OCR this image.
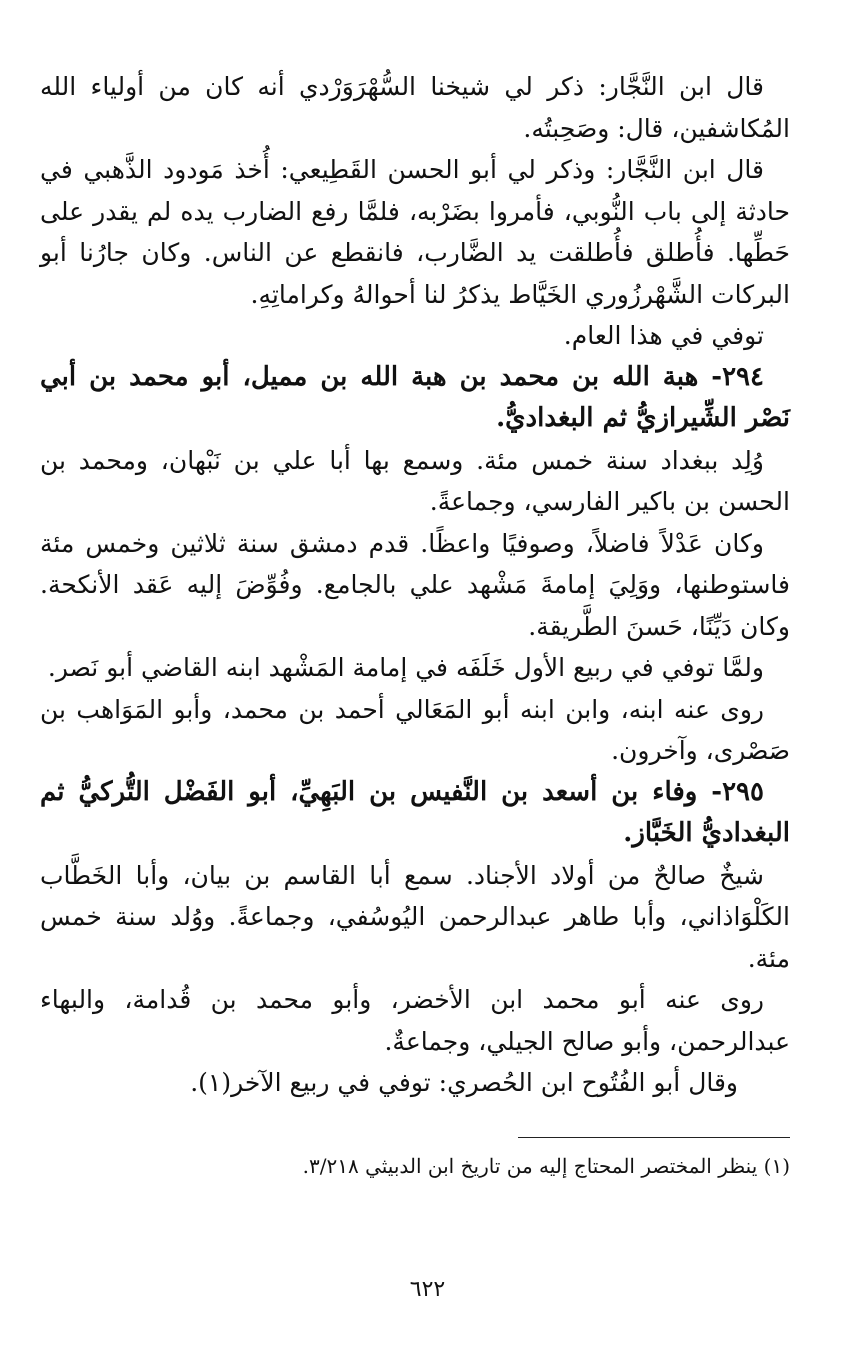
قال ابن النَّجَّار: ذكر لي شيخنا السُّهْرَوَرْدي أنه كان من أولياء الله المُكاشفين، قال: وصَحِبتُه.

قال ابن النَّجَّار: وذكر لي أبو الحسن القَطِيعي: أُخذ مَودود الذَّهبي في حادثة إلى باب النُّوبي، فأمروا بضَرْبه، فلمَّا رفع الضارب يده لم يقدر على حَطِّها. فأُطلق فأُطلقت يد الضَّارب، فانقطع عن الناس. وكان جارُنا أبو البركات الشَّهْرزُوري الخَيَّاط يذكرُ لنا أحوالهُ وكراماتِهِ.

توفي في هذا العام.

٢٩٤- هبة الله بن محمد بن هبة الله بن مميل، أبو محمد بن أبي نَصْر الشِّيرازيُّ ثم البغداديُّ.

وُلِد ببغداد سنة خمس مئة. وسمع بها أبا علي بن نَبْهان، ومحمد بن الحسن بن باكير الفارسي، وجماعةً.

وكان عَدْلاً فاضلاً، وصوفيًا واعظًا. قدم دمشق سنة ثلاثين وخمس مئة فاستوطنها، ووَلِيَ إمامةَ مَشْهد علي بالجامع. وفُوِّضَ إليه عَقد الأنكحة. وكان دَيِّنًا، حَسنَ الطَّريقة.

ولمَّا توفي في ربيع الأول خَلَفَه في إمامة المَشْهد ابنه القاضي أبو نَصر.

روى عنه ابنه، وابن ابنه أبو المَعَالي أحمد بن محمد، وأبو المَوَاهب بن صَصْرى، وآخرون.

٢٩٥- وفاء بن أسعد بن النَّفيس بن البَهِيِّ، أبو الفَضْل التُّركيُّ ثم البغداديُّ الخَبَّاز.

شيخٌ صالحٌ من أولاد الأجناد. سمع أبا القاسم بن بيان، وأبا الخَطَّاب الكَلْوَاذاني، وأبا طاهر عبدالرحمن اليُوسُفي، وجماعةً. ووُلد سنة خمس مئة.

روى عنه أبو محمد ابن الأخضر، وأبو محمد بن قُدامة، والبهاء عبدالرحمن، وأبو صالح الجيلي، وجماعةٌ.

وقال أبو الفُتُوح ابن الحُصري: توفي في ربيع الآخر(١).

(١) ينظر المختصر المحتاج إليه من تاريخ ابن الدبيثي ٣/٢١٨.
٦٢٢
